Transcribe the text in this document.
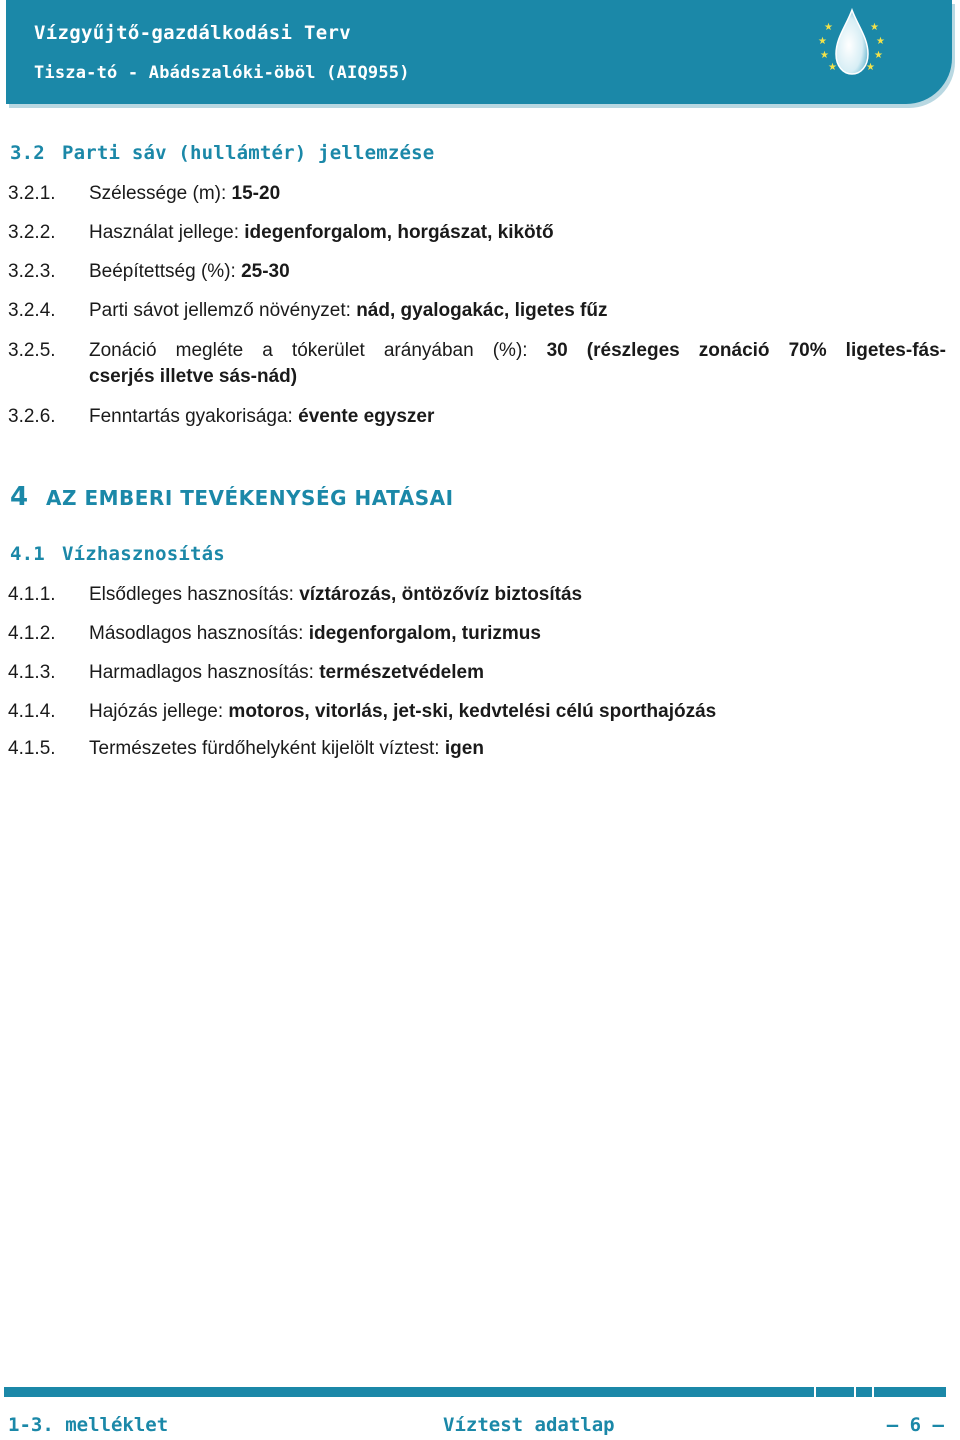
Vízgyűjtő-gazdálkodási Terv
Tisza-tó - Abádszalóki-öböl (AIQ955)
★
★
★
★
★
★
★
★
3.2 Parti sáv (hullámtér) jellemzése
3.2.1. Szélessége (m): 15-20
3.2.2. Használat jellege: idegenforgalom, horgászat, kikötő
3.2.3. Beépítettség (%): 25-30
3.2.4. Parti sávot jellemző növényzet: nád, gyalogakác, ligetes fűz
3.2.5. Zonáció megléte a tókerület arányában (%): 30 (részleges zonáció 70% ligetes-fás-
cserjés illetve sás-nád)
3.2.6. Fenntartás gyakorisága: évente egyszer
4 AZ EMBERI TEVÉKENYSÉG HATÁSAI
4.1 Vízhasznosítás
4.1.1. Elsődleges hasznosítás: víztározás, öntözővíz biztosítás
4.1.2. Másodlagos hasznosítás: idegenforgalom, turizmus
4.1.3. Harmadlagos hasznosítás: természetvédelem
4.1.4. Hajózás jellege: motoros, vitorlás, jet-ski, kedvtelési célú sporthajózás
4.1.5. Természetes fürdőhelyként kijelölt víztest: igen
1-3. melléklet	Víztest adatlap	– 6 –
